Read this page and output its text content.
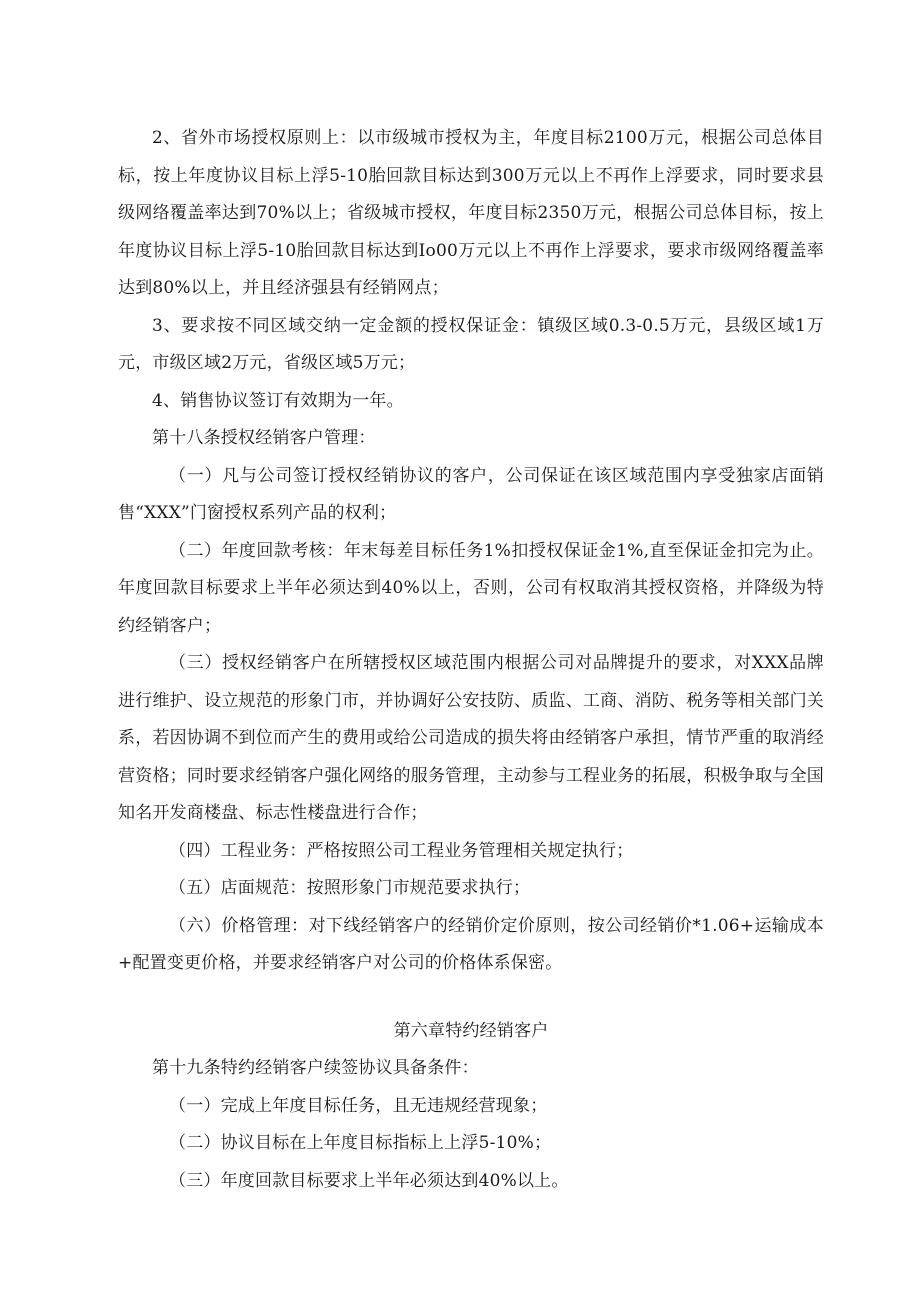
2、省外市场授权原则上：以市级城市授权为主，年度目标2100万元，根据公司总体目标，按上年度协议目标上浮5-10胎回款目标达到300万元以上不再作上浮要求，同时要求县级网络覆盖率达到70%以上；省级城市授权，年度目标2350万元，根据公司总体目标，按上年度协议目标上浮5-10胎回款目标达到Io00万元以上不再作上浮要求，要求市级网络覆盖率达到80%以上，并且经济强县有经销网点；

3、要求按不同区域交纳一定金额的授权保证金：镇级区域0.3-0.5万元，县级区域1万元，市级区域2万元，省级区域5万元；

4、销售协议签订有效期为一年。

第十八条授权经销客户管理：

（一）凡与公司签订授权经销协议的客户，公司保证在该区域范围内享受独家店面销售“XXX”门窗授权系列产品的权利；

（二）年度回款考核：年末每差目标任务1%扣授权保证金1%,直至保证金扣完为止。年度回款目标要求上半年必须达到40%以上，否则，公司有权取消其授权资格，并降级为特约经销客户；

（三）授权经销客户在所辖授权区域范围内根据公司对品牌提升的要求，对XXX品牌进行维护、设立规范的形象门市，并协调好公安技防、质监、工商、消防、税务等相关部门关系，若因协调不到位而产生的费用或给公司造成的损失将由经销客户承担，情节严重的取消经营资格；同时要求经销客户强化网络的服务管理，主动参与工程业务的拓展，积极争取与全国知名开发商楼盘、标志性楼盘进行合作；

（四）工程业务：严格按照公司工程业务管理相关规定执行；

（五）店面规范：按照形象门市规范要求执行；

（六）价格管理：对下线经销客户的经销价定价原则，按公司经销价*1.06+运输成本+配置变更价格，并要求经销客户对公司的价格体系保密。

第六章特约经销客户

第十九条特约经销客户续签协议具备条件：

（一）完成上年度目标任务，且无违规经营现象；

（二）协议目标在上年度目标指标上上浮5-10%；

（三）年度回款目标要求上半年必须达到40%以上。
